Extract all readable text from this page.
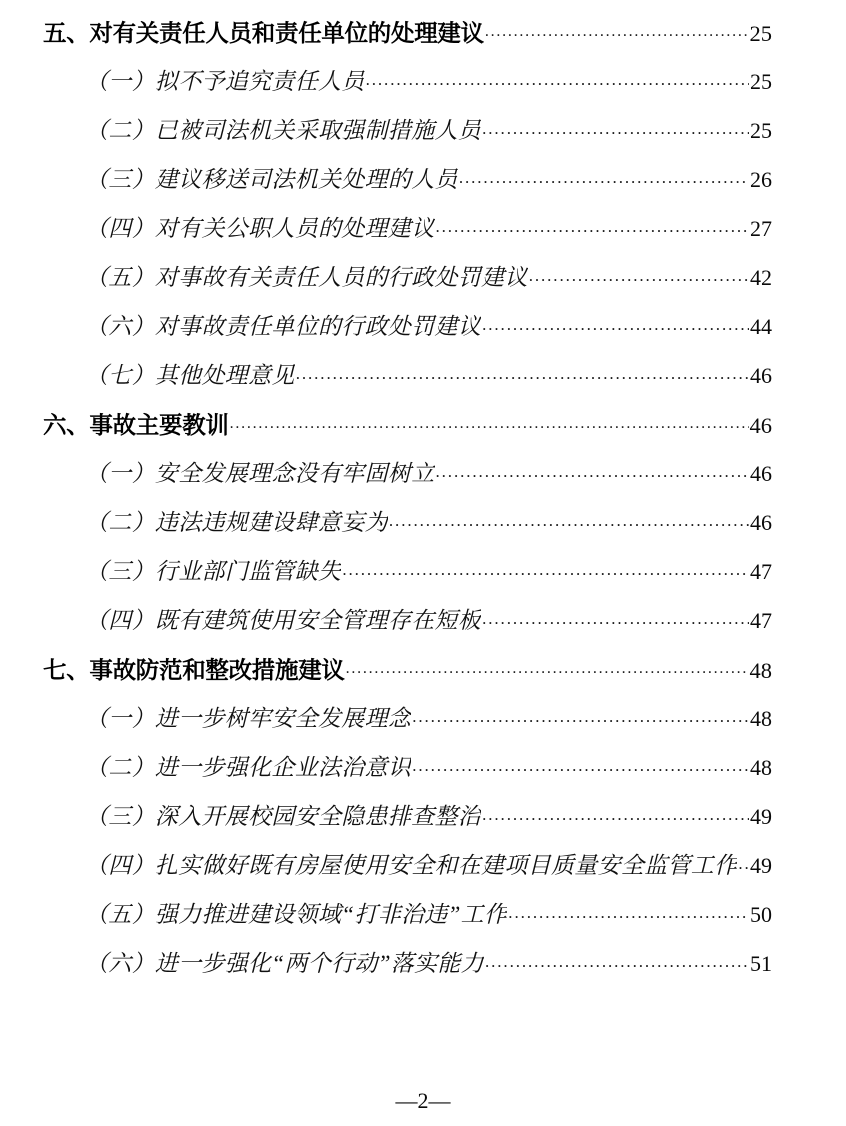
五、对有关责任人员和责任单位的处理建议 .....	25
（一）拟不予追究责任人员 .....	25
（二）已被司法机关采取强制措施人员 .....	25
（三）建议移送司法机关处理的人员 .....	26
（四）对有关公职人员的处理建议 .....	27
（五）对事故有关责任人员的行政处罚建议 .....	42
（六）对事故责任单位的行政处罚建议 .....	44
（七）其他处理意见 .....	46
六、事故主要教训 .....	46
（一）安全发展理念没有牢固树立 .....	46
（二）违法违规建设肆意妄为 .....	46
（三）行业部门监管缺失 .....	47
（四）既有建筑使用安全管理存在短板 .....	47
七、事故防范和整改措施建议 .....	48
（一）进一步树牢安全发展理念 .....	48
（二）进一步强化企业法治意识 .....	48
（三）深入开展校园安全隐患排查整治 .....	49
（四）扎实做好既有房屋使用安全和在建项目质量安全监管工作 ..... 49
（五）强力推进建设领域“打非治违”工作 .....	50
（六）进一步强化“两个行动”落实能力 .....	51
—2—
